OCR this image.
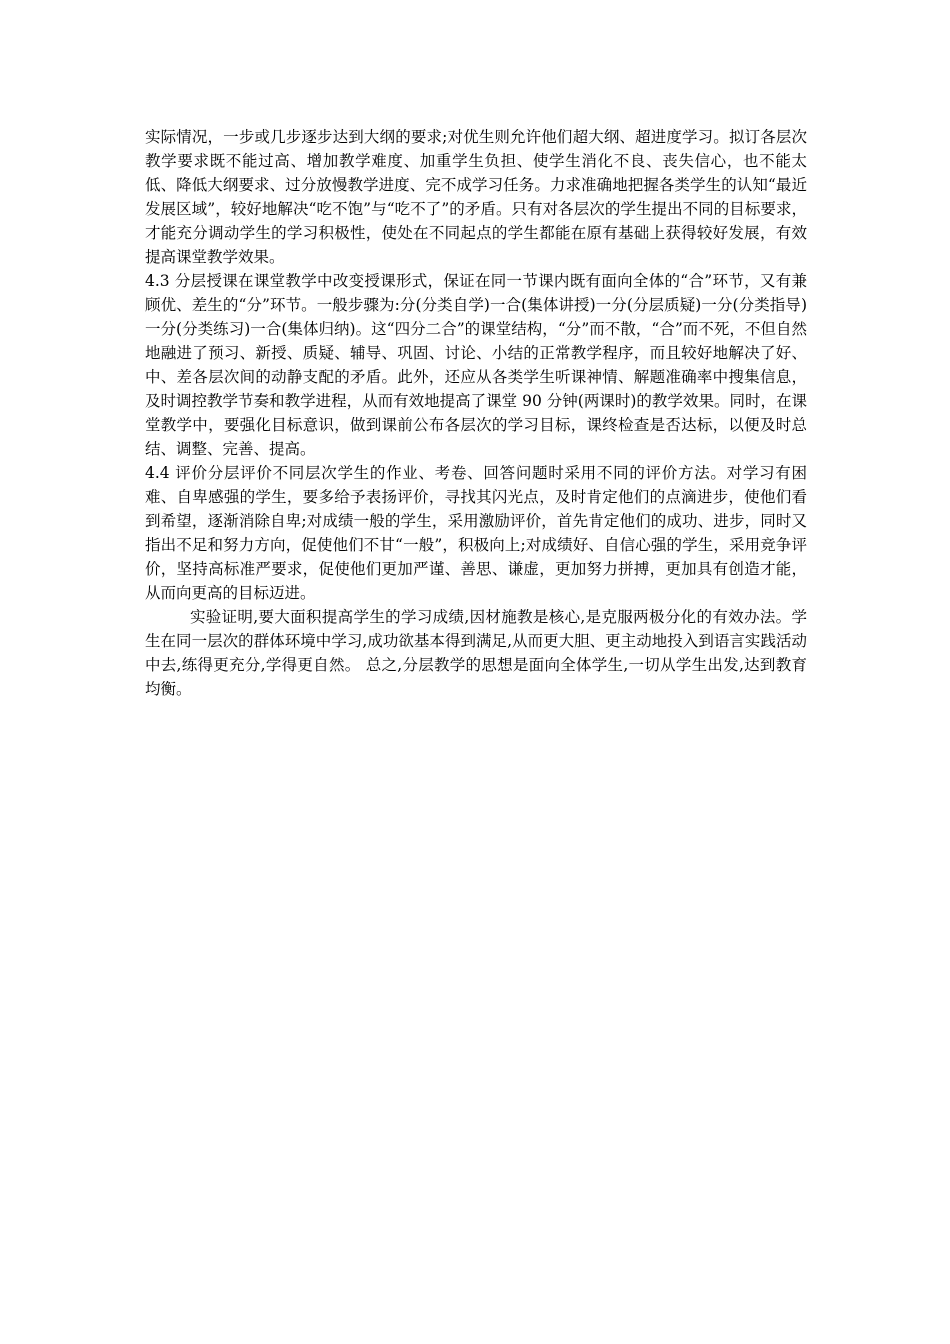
实际情况，一步或几步逐步达到大纲的要求;对优生则允许他们超大纲、超进度学习。拟订各层次教学要求既不能过高、增加教学难度、加重学生负担、使学生消化不良、丧失信心，也不能太低、降低大纲要求、过分放慢教学进度、完不成学习任务。力求准确地把握各类学生的认知“最近发展区域”，较好地解决“吃不饱”与“吃不了”的矛盾。只有对各层次的学生提出不同的目标要求，才能充分调动学生的学习积极性，使处在不同起点的学生都能在原有基础上获得较好发展，有效提高课堂教学效果。

4.3 分层授课在课堂教学中改变授课形式，保证在同一节课内既有面向全体的“合”环节，又有兼顾优、差生的“分”环节。一般步骤为:分(分类自学)一合(集体讲授)一分(分层质疑)一分(分类指导)一分(分类练习)一合(集体归纳)。这“四分二合”的课堂结构，“分”而不散，“合”而不死，不但自然地融进了预习、新授、质疑、辅导、巩固、讨论、小结的正常教学程序，而且较好地解决了好、中、差各层次间的动静支配的矛盾。此外，还应从各类学生听课神情、解题准确率中搜集信息，及时调控教学节奏和教学进程，从而有效地提高了课堂 90 分钟(两课时)的教学效果。同时，在课堂教学中，要强化目标意识，做到课前公布各层次的学习目标，课终检查是否达标，以便及时总结、调整、完善、提高。

4.4 评价分层评价不同层次学生的作业、考卷、回答问题时采用不同的评价方法。对学习有困难、自卑感强的学生，要多给予表扬评价，寻找其闪光点，及时肯定他们的点滴进步，使他们看到希望，逐渐消除自卑;对成绩一般的学生，采用激励评价，首先肯定他们的成功、进步，同时又指出不足和努力方向，促使他们不甘“一般”，积极向上;对成绩好、自信心强的学生，采用竞争评价，坚持高标准严要求，促使他们更加严谨、善思、谦虚，更加努力拼搏，更加具有创造才能，从而向更高的目标迈进。

实验证明,要大面积提高学生的学习成绩,因材施教是核心,是克服两极分化的有效办法。学生在同一层次的群体环境中学习,成功欲基本得到满足,从而更大胆、更主动地投入到语言实践活动中去,练得更充分,学得更自然。 总之,分层教学的思想是面向全体学生,一切从学生出发,达到教育均衡。
